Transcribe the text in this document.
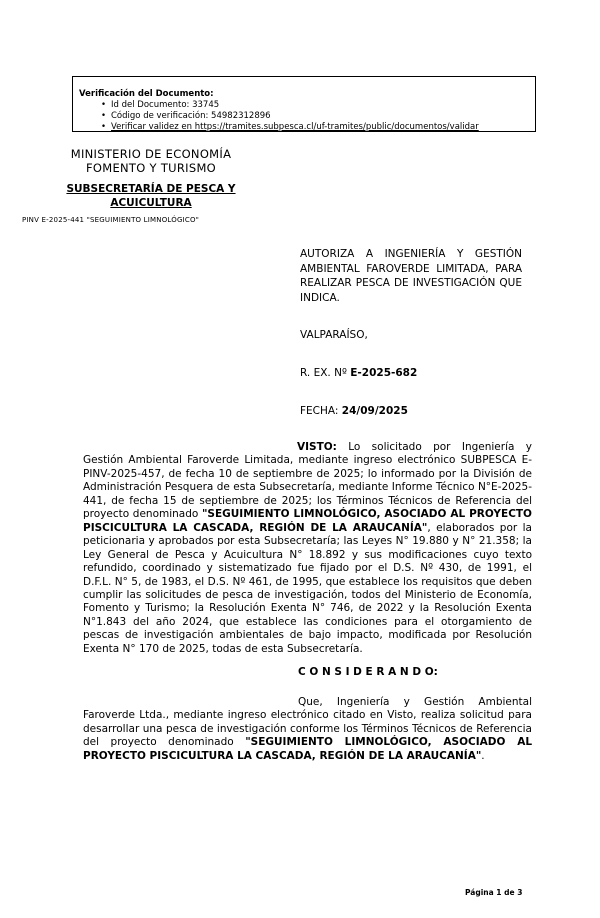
Verificación del Documento:
• Id del Documento: 33745
• Código de verificación: 54982312896
• Verificar validez en https://tramites.subpesca.cl/uf-tramites/public/documentos/validar
MINISTERIO DE ECONOMÍA
FOMENTO Y TURISMO
SUBSECRETARÍA DE PESCA Y
ACUICULTURA
PINV E-2025-441 "SEGUIMIENTO LIMNOLÓGICO"
AUTORIZA A INGENIERÍA Y GESTIÓN AMBIENTAL FAROVERDE LIMITADA, PARA REALIZAR PESCA DE INVESTIGACIÓN QUE INDICA.
VALPARAÍSO,
R. EX. Nº E-2025-682
FECHA: 24/09/2025

VISTO: Lo solicitado por Ingeniería y Gestión Ambiental Faroverde Limitada, mediante ingreso electrónico SUBPESCA E-PINV-2025-457, de fecha 10 de septiembre de 2025; lo informado por la División de Administración Pesquera de esta Subsecretaría, mediante Informe Técnico N°E-2025-441, de fecha 15 de septiembre de 2025; los Términos Técnicos de Referencia del proyecto denominado "SEGUIMIENTO LIMNOLÓGICO, ASOCIADO AL PROYECTO PISCICULTURA LA CASCADA, REGIÓN DE LA ARAUCANÍA", elaborados por la peticionaria y aprobados por esta Subsecretaría; las Leyes N° 19.880 y N° 21.358; la Ley General de Pesca y Acuicultura N° 18.892 y sus modificaciones cuyo texto refundido, coordinado y sistematizado fue fijado por el D.S. Nº 430, de 1991, el D.F.L. N° 5, de 1983, el D.S. Nº 461, de 1995, que establece los requisitos que deben cumplir las solicitudes de pesca de investigación, todos del Ministerio de Economía, Fomento y Turismo; la Resolución Exenta N° 746, de 2022 y la Resolución Exenta N°1.843 del año 2024, que establece las condiciones para el otorgamiento de pescas de investigación ambientales de bajo impacto, modificada por Resolución Exenta N° 170 de 2025, todas de esta Subsecretaría.

C O N S I D E R A N D O:

Que, Ingeniería y Gestión Ambiental Faroverde Ltda., mediante ingreso electrónico citado en Visto, realiza solicitud para desarrollar una pesca de investigación conforme los Términos Técnicos de Referencia del proyecto denominado "SEGUIMIENTO LIMNOLÓGICO, ASOCIADO AL PROYECTO PISCICULTURA LA CASCADA, REGIÓN DE LA ARAUCANÍA".

Página 1 de 3
